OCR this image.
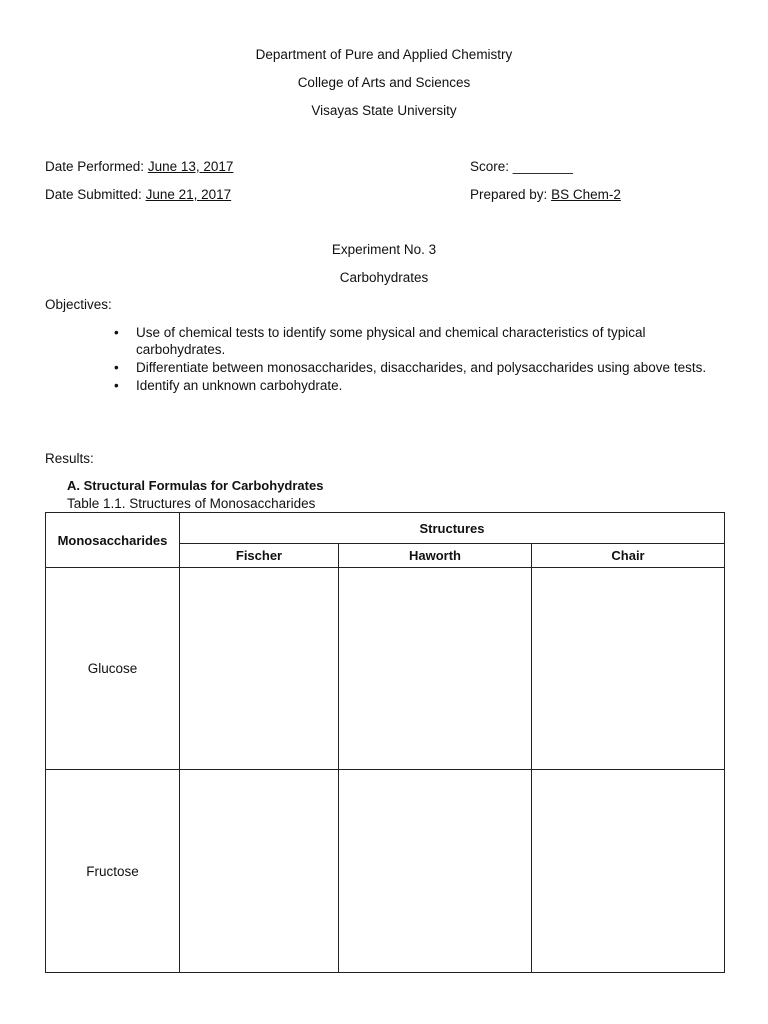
Department of Pure and Applied Chemistry
College of Arts and Sciences
Visayas State University
Date Performed: June 13, 2017
Date Submitted: June 21, 2017
Score: ________
Prepared by: BS Chem-2
Experiment No. 3
Carbohydrates
Objectives:
• Use of chemical tests to identify some physical and chemical characteristics of typical carbohydrates.
• Differentiate between monosaccharides, disaccharides, and polysaccharides using above tests.
• Identify an unknown carbohydrate.
Results:
A. Structural Formulas for Carbohydrates
Table 1.1. Structures of Monosaccharides
Monosaccharides	Structures		
	Fischer	Haworth	Chair
Glucose			
Fructose			
